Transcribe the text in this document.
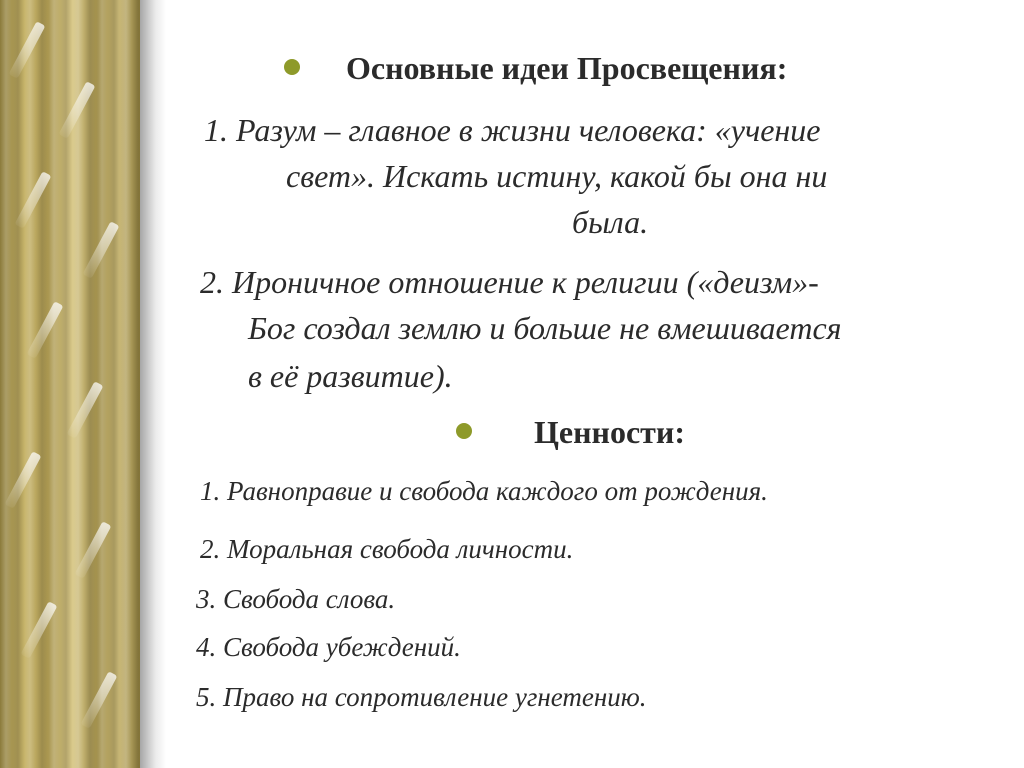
Основные идеи Просвещения:
1. Разум – главное в жизни человека: «учение
свет». Искать истину, какой бы она ни
была.
2. Ироничное отношение к религии («деизм»-
Бог создал землю и больше не вмешивается
в её развитие).
Ценности:
1. Равноправие и свобода каждого от рождения.
2. Моральная свобода личности.
3. Свобода слова.
4. Свобода убеждений.
5. Право на сопротивление угнетению.
